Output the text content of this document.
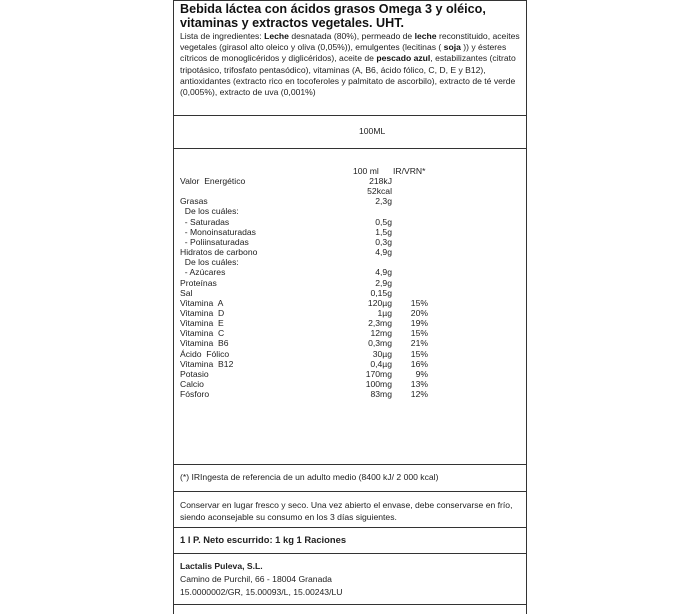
Bebida láctea con ácidos grasos Omega 3 y oléico, vitaminas y extractos vegetales. UHT.
Lista de ingredientes: Leche desnatada (80%), permeado de leche reconstituido, aceites vegetales (girasol alto oleico y oliva (0,05%)), emulgentes (lecitinas ( soja )) y ésteres cítricos de monoglicéridos y diglicéridos), aceite de pescado azul, estabilizantes (citrato tripotásico, trifosfato pentasódico), vitaminas (A, B6, ácido fólico, C, D, E y B12), antioxidantes (extracto rico en tocoferoles y palmitato de ascorbilo), extracto de té verde (0,005%), extracto de uva (0,001%)
100ML
100 ml IR/VRN*
Valor  Energético	218kJ
52kcal
Grasas	2,3g
De los cuáles:
- Saturadas	0,5g
- Monoinsaturadas	1,5g
- Poliinsaturadas	0,3g
Hidratos de carbono	4,9g
De los cuáles:
- Azúcares	4,9g
Proteínas	2,9g
Sal	0,15g
Vitamina  A	120µg 15%
Vitamina  D	1µg 20%
Vitamina  E	2,3mg 19%
Vitamina  C	12mg 15%
Vitamina  B6	0,3mg 21%
Ácido  Fólico	30µg 15%
Vitamina  B12	0,4µg 16%
Potasio	170mg	9%
Calcio	100mg 13%
Fósforo	83mg 12%
(*) IRIngesta de referencia de un adulto medio (8400 kJ/ 2 000 kcal)
Conservar en lugar fresco y seco. Una vez abierto el envase, debe conservarse en frío, siendo aconsejable su consumo en los 3 días siguientes.
1 l P. Neto escurrido: 1 kg 1 Raciones
Lactalis Puleva, S.L.
Camino de Purchil, 66 - 18004 Granada
15.0000002/GR, 15.00093/L, 15.00243/LU
